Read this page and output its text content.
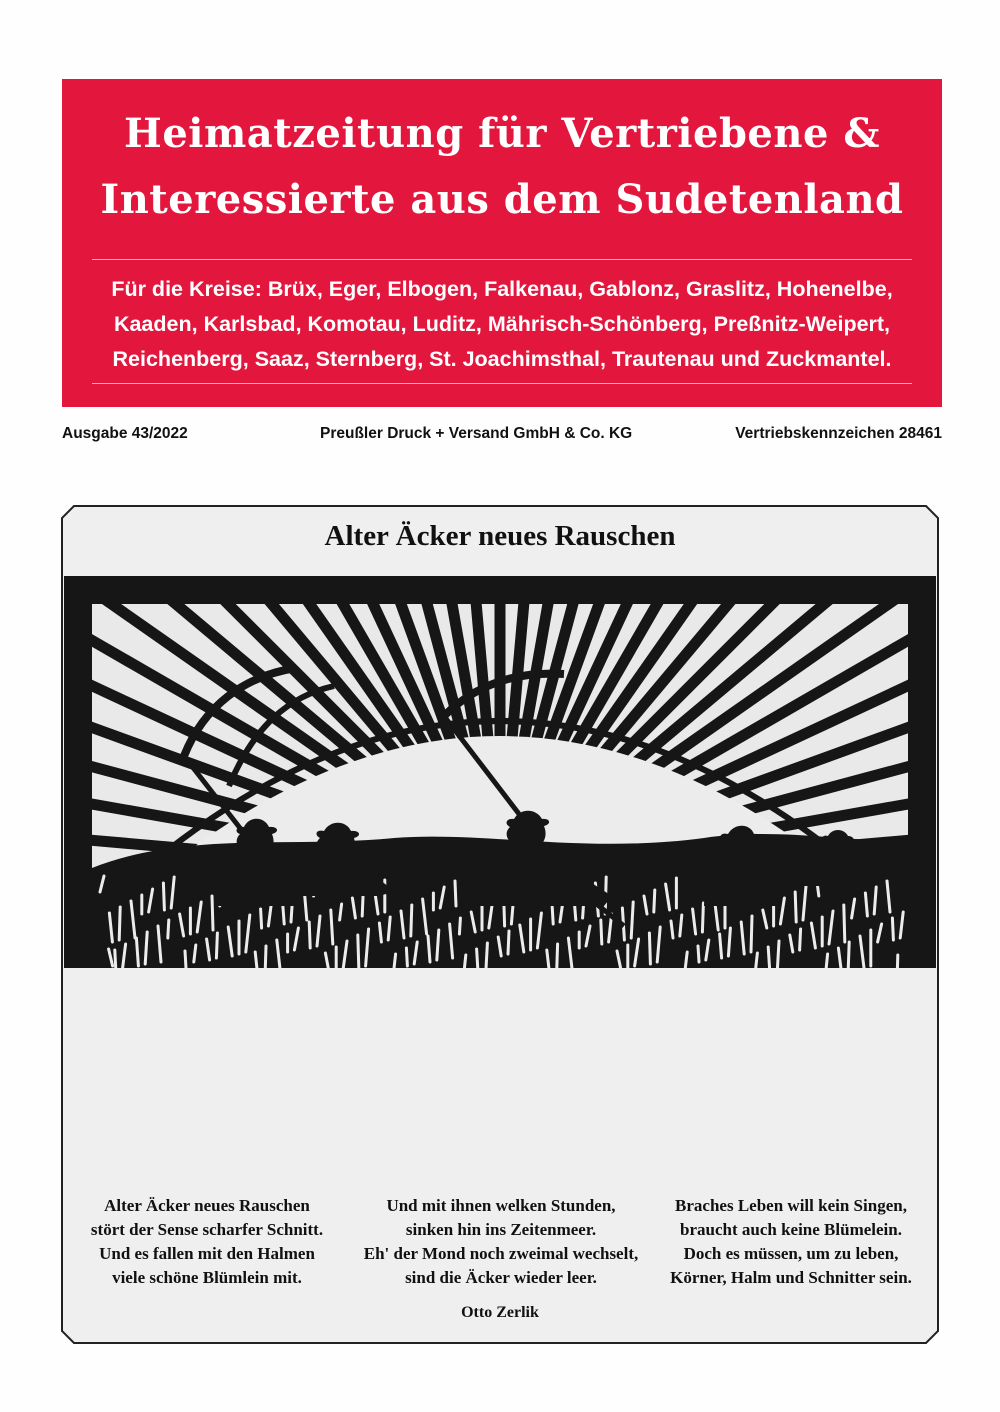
Heimatzeitung für Vertriebene &

Interessierte aus dem Sudetenland

Für die Kreise: Brüx, Eger, Elbogen, Falkenau, Gablonz, Graslitz, Hohenelbe,
Kaaden, Karlsbad, Komotau, Luditz, Mährisch-Schönberg, Preßnitz-Weipert,
Reichenberg, Saaz, Sternberg, St. Joachimsthal, Trautenau und Zuckmantel.
Ausgabe 43/2022	Preußler Druck + Versand GmbH & Co. KG	Vertriebskennzeichen 28461
Alter Äcker neues Rauschen
Alter Äcker neues Rauschen
stört der Sense scharfer Schnitt.
Und es fallen mit den Halmen
viele schöne Blümlein mit.
Und mit ihnen welken Stunden,
sinken hin ins Zeitenmeer.
Eh' der Mond noch zweimal wechselt,
sind die Äcker wieder leer.
Braches Leben will kein Singen,
braucht auch keine Blümelein.
Doch es müssen, um zu leben,
Körner, Halm und Schnitter sein.
Otto Zerlik
